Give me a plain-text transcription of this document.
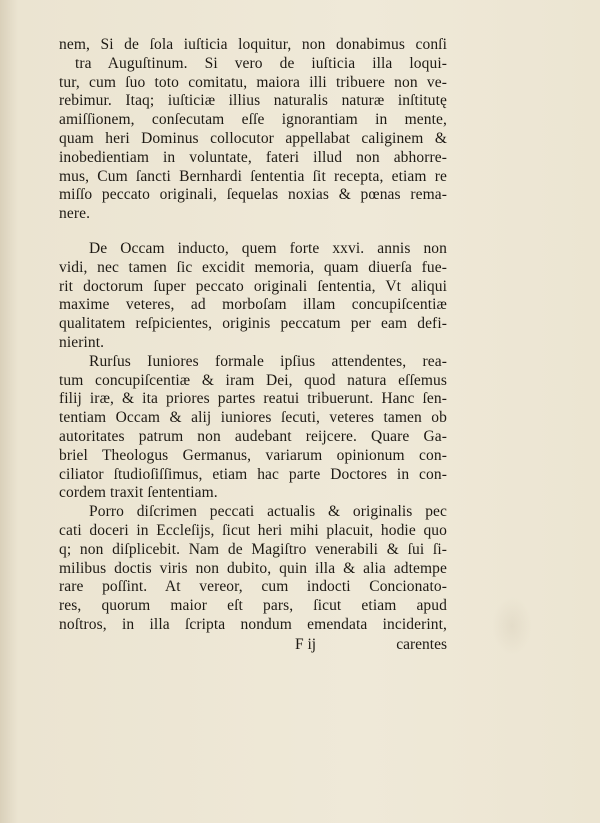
nem, Si de ſola iuſticia loquitur, non donabimus conſi
tra Auguſtinum. Si vero de iuſticia illa loqui-
tur, cum ſuo toto comitatu, maiora illi tribuere non ve-
rebimur. Itaq; iuſticiæ illius naturalis naturæ inſtitutę
amiſſionem, conſecutam eſſe ignorantiam in mente,
quam heri Dominus collocutor appellabat caliginem &
inobedientiam in voluntate, fateri illud non abhorre-
mus, Cum ſancti Bernhardi ſententia ſit recepta, etiam re
miſſo peccato originali, ſequelas noxias & pœnas rema-
nere.
De Occam inducto, quem forte xxvi. annis non
vidi, nec tamen ſic excidit memoria, quam diuerſa fue-
rit doctorum ſuper peccato originali ſententia, Vt aliqui
maxime veteres, ad morboſam illam concupiſcentiæ
qualitatem reſpicientes, originis peccatum per eam defi-
nierint.
Rurſus Iuniores formale ipſius attendentes, rea-
tum concupiſcentiæ & iram Dei, quod natura eſſemus
filij iræ, & ita priores partes reatui tribuerunt. Hanc ſen-
tentiam Occam & alij iuniores ſecuti, veteres tamen ob
autoritates patrum non audebant reijcere. Quare Ga-
briel Theologus Germanus, variarum opinionum con-
ciliator ſtudioſiſſimus, etiam hac parte Doctores in con-
cordem traxit ſententiam.
Porro diſcrimen peccati actualis & originalis pec
cati doceri in Eccleſijs, ſicut heri mihi placuit, hodie quo
q; non diſplicebit. Nam de Magiſtro venerabili & ſui ſi-
milibus doctis viris non dubito, quin illa & alia adtempe
rare poſſint. At vereor, cum indocti Concionato-
res, quorum maior eſt pars, ſicut etiam apud
noſtros, in illa ſcripta nondum emendata inciderint,
F ij	carentes
